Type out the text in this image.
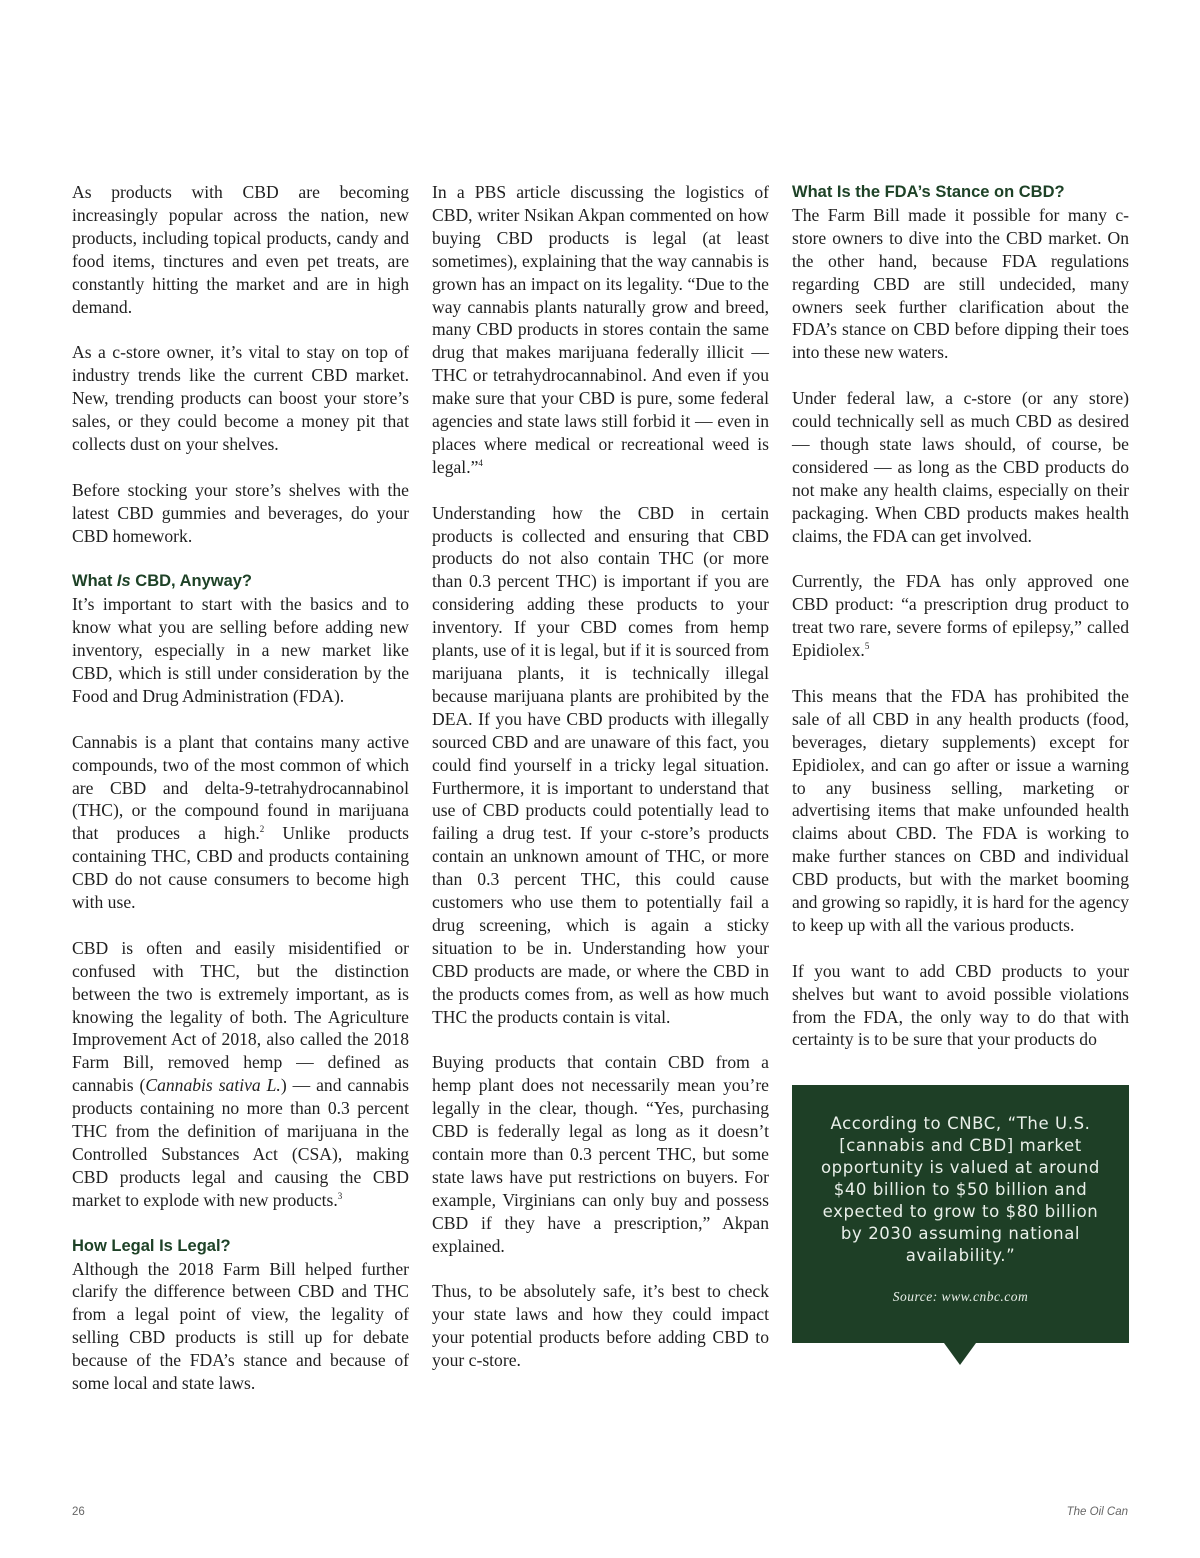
As products with CBD are becoming increasingly popular across the nation, new products, including topical products, candy and food items, tinctures and even pet treats, are constantly hitting the market and are in high demand.

As a c-store owner, it’s vital to stay on top of industry trends like the current CBD market. New, trending products can boost your store’s sales, or they could become a money pit that collects dust on your shelves.

Before stocking your store’s shelves with the latest CBD gummies and beverages, do your CBD homework.

What Is CBD, Anyway?

It’s important to start with the basics and to know what you are selling before adding new inventory, especially in a new market like CBD, which is still under consideration by the Food and Drug Administration (FDA).

Cannabis is a plant that contains many active compounds, two of the most common of which are CBD and delta-9-tetrahydrocannabinol (THC), or the compound found in marijuana that produces a high.$^2$ Unlike products containing THC, CBD and products containing CBD do not cause consumers to become high with use.

CBD is often and easily misidentified or confused with THC, but the distinction between the two is extremely important, as is knowing the legality of both. The Agriculture Improvement Act of 2018, also called the 2018 Farm Bill, removed hemp — defined as cannabis (Cannabis sativa L.) — and cannabis products containing no more than 0.3 percent THC from the definition of marijuana in the Controlled Substances Act (CSA), making CBD products legal and causing the CBD market to explode with new products.$^3$

How Legal Is Legal?

Although the 2018 Farm Bill helped further clarify the difference between CBD and THC from a legal point of view, the legality of selling CBD products is still up for debate because of the FDA’s stance and because of some local and state laws.

In a PBS article discussing the logistics of CBD, writer Nsikan Akpan commented on how buying CBD products is legal (at least sometimes), explaining that the way cannabis is grown has an impact on its legality. “Due to the way cannabis plants naturally grow and breed, many CBD products in stores contain the same drug that makes marijuana federally illicit — THC or tetrahydrocannabinol. And even if you make sure that your CBD is pure, some federal agencies and state laws still forbid it — even in places where medical or recreational weed is legal.”$^4$

Understanding how the CBD in certain products is collected and ensuring that CBD products do not also contain THC (or more than 0.3 percent THC) is important if you are considering adding these products to your inventory. If your CBD comes from hemp plants, use of it is legal, but if it is sourced from marijuana plants, it is technically illegal because marijuana plants are prohibited by the DEA. If you have CBD products with illegally sourced CBD and are unaware of this fact, you could find yourself in a tricky legal situation. Furthermore, it is important to understand that use of CBD products could potentially lead to failing a drug test. If your c-store’s products contain an unknown amount of THC, or more than 0.3 percent THC, this could cause customers who use them to potentially fail a drug screening, which is again a sticky situation to be in. Understanding how your CBD products are made, or where the CBD in the products comes from, as well as how much THC the products contain is vital.

Buying products that contain CBD from a hemp plant does not necessarily mean you’re legally in the clear, though. “Yes, purchasing CBD is federally legal as long as it doesn’t contain more than 0.3 percent THC, but some state laws have put restrictions on buyers. For example, Virginians can only buy and possess CBD if they have a prescription,” Akpan explained.

Thus, to be absolutely safe, it’s best to check your state laws and how they could impact your potential products before adding CBD to your c-store.

What Is the FDA’s Stance on CBD?

The Farm Bill made it possible for many c-store owners to dive into the CBD market. On the other hand, because FDA regulations regarding CBD are still undecided, many owners seek further clarification about the FDA’s stance on CBD before dipping their toes into these new waters.

Under federal law, a c-store (or any store) could technically sell as much CBD as desired — though state laws should, of course, be considered — as long as the CBD products do not make any health claims, especially on their packaging. When CBD products makes health claims, the FDA can get involved.

Currently, the FDA has only approved one CBD product: “a prescription drug product to treat two rare, severe forms of epilepsy,” called Epidiolex.$^5$

This means that the FDA has prohibited the sale of all CBD in any health products (food, beverages, dietary supplements) except for Epidiolex, and can go after or issue a warning to any business selling, marketing or advertising items that make unfounded health claims about CBD. The FDA is working to make further stances on CBD and individual CBD products, but with the market booming and growing so rapidly, it is hard for the agency to keep up with all the various products.

If you want to add CBD products to your shelves but want to avoid possible violations from the FDA, the only way to do that with certainty is to be sure that your products do

According to CNBC, “The U.S. [cannabis and CBD] market opportunity is valued at around $40 billion to $50 billion and expected to grow to $80 billion by 2030 assuming national availability.”
Source: www.cnbc.com
26	The Oil Can
